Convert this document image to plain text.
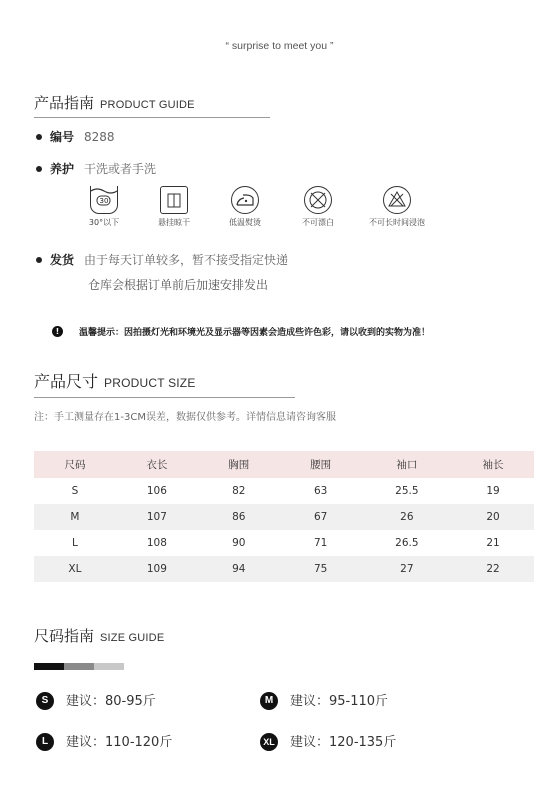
“ surprise to meet you ”
产品指南 PRODUCT GUIDE
编号 8288
养护 干洗或者手洗
30
30°以下	悬挂晾干	低温熨烫	不可漂白	不可长时间浸泡
发货 由于每天订单较多，暂不接受指定快递
仓库会根据订单前后加速安排发出
! 温馨提示：因拍摄灯光和环境光及显示器等因素会造成些许色彩，请以收到的实物为准！
产品尺寸 PRODUCT SIZE
注：手工测量存在1-3CM误差，数据仅供参考。详情信息请咨询客服
尺码	衣长	胸围	腰围	袖口	袖长
S	106	82	63	25.5	19
M	107	86	67	26	20
L	108	90	71	26.5	21
XL	109	94	75	27	22
尺码指南 SIZE GUIDE
S 建议：80-95斤	M 建议：95-110斤
L 建议：110-120斤	XL 建议：120-135斤
